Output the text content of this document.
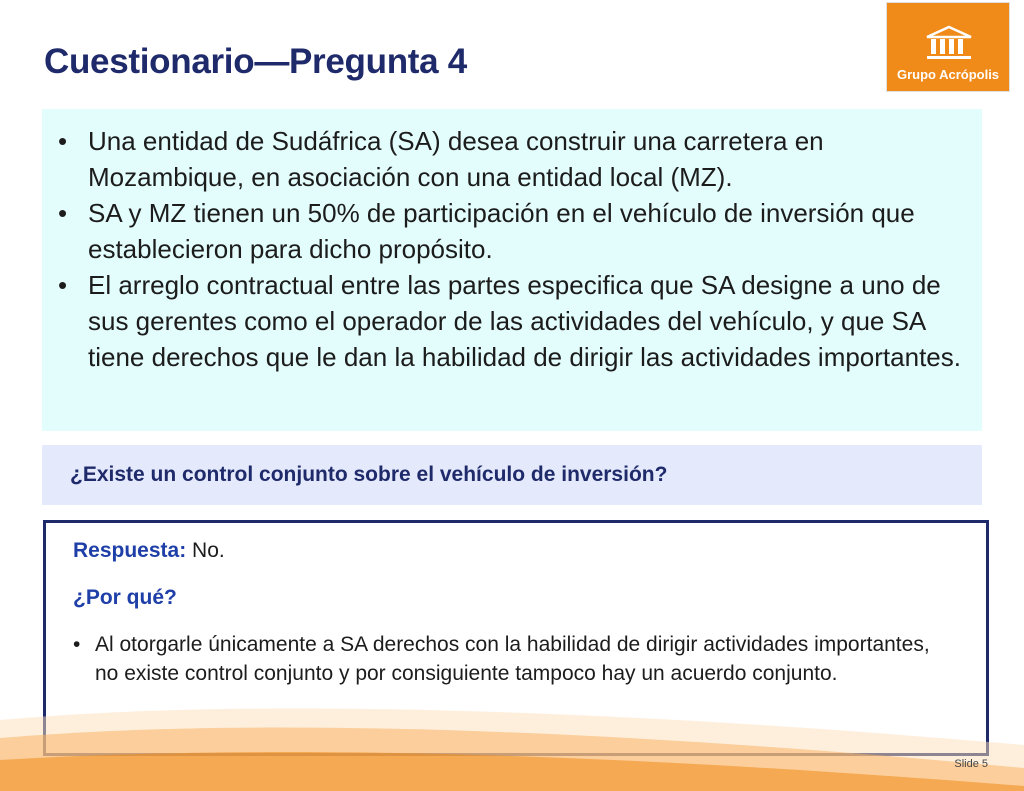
Cuestionario—Pregunta 4	Grupo Acrópolis
• Una entidad de Sudáfrica (SA) desea construir una carretera en Mozambique, en asociación con una entidad local (MZ).
• SA y MZ tienen un 50% de participación en el vehículo de inversión que establecieron para dicho propósito.
• El arreglo contractual entre las partes especifica que SA designe a uno de sus gerentes como el operador de las actividades del vehículo, y que SA tiene derechos que le dan la habilidad de dirigir las actividades importantes.
¿Existe un control conjunto sobre el vehículo de inversión?
Respuesta: No.
¿Por qué?
• Al otorgarle únicamente a SA derechos con la habilidad de dirigir actividades importantes, no existe control conjunto y por consiguiente tampoco hay un acuerdo conjunto.
Slide 5
